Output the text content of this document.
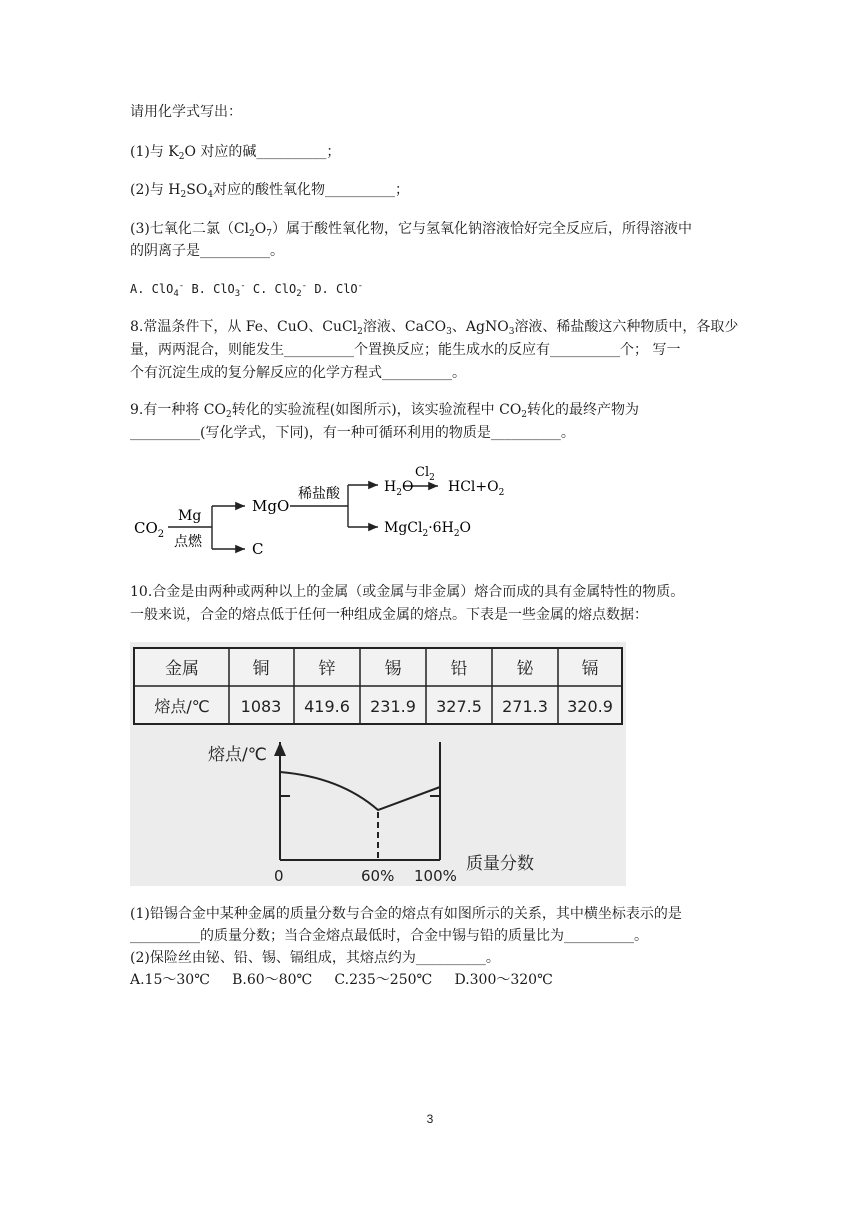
请用化学式写出：
(1)与 $K_2O$ 对应的碱__________；
(2)与 $H_2SO_4$对应的酸性氧化物__________；
(3)七氧化二氯$(Cl_2O_7)$属于酸性氧化物，它与氢氧化钠溶液恰好完全反应后，所得溶液中
的阴离子是__________。
A. ClO$_4$- B. ClO$_3$- C. ClO$_2$- D. ClO-
8.常温条件下，从 Fe、CuO、CuCl$_2$溶液、CaCO$_3$、AgNO$_3$溶液、稀盐酸这六种物质中，各取少
量，两两混合，则能发生__________个置换反应；能生成水的反应有__________个； 写一
个有沉淀生成的复分解反应的化学方程式__________。
9.有一种将 $CO_2$转化的实验流程(如图所示)，该实验流程中 $CO_2$转化的最终产物为
__________(写化学式，下同)，有一种可循环利用的物质是__________。
$CO_2$
Mg
点燃
MgO
C
稀盐酸	$H_2O$
$Cl_2$
$HCl+O_2$
$MgCl_2\cdot 6H_2O$
10.合金是由两种或两种以上的金属（或金属与非金属）熔合而成的具有金属特性的物质。
一般来说，合金的熔点低于任何一种组成金属的熔点。下表是一些金属的熔点数据：
金属	铜	锌	锡	铅	铋	镉
熔点/℃ 1083 419.6 231.9 327.5 271.3 320.9
熔点/℃
质量分数
0	60% 100%
(1)铅锡合金中某种金属的质量分数与合金的熔点有如图所示的关系，其中横坐标表示的是
__________的质量分数；当合金熔点最低时，合金中锡与铅的质量比为__________。
(2)保险丝由铋、铅、锡、镉组成，其熔点约为__________。
A.15～30℃ B.60～80℃ C.235～250℃ D.300～320℃
3
